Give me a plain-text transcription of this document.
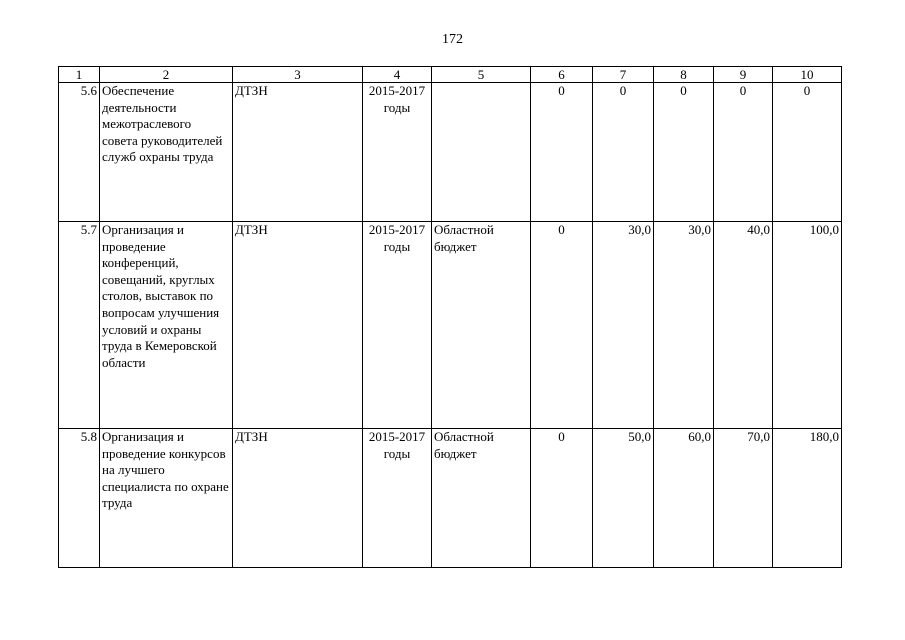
172
1	2	3	4	5	6	7	8	9	10
5.6	Обеспечение деятельности межотраслевого совета руководителей служб охраны труда	ДТЗН	2015-2017 годы		0	0	0	0	0
5.7	Организация и проведение конференций, совещаний, круглых столов, выставок по вопросам улучшения условий и охраны труда в Кемеровской области	ДТЗН	2015-2017 годы	Областной бюджет	0	30,0	30,0	40,0	100,0
5.8	Организация и проведение конкурсов на лучшего специалиста по охране труда	ДТЗН	2015-2017 годы	Областной бюджет	0	50,0	60,0	70,0	180,0
